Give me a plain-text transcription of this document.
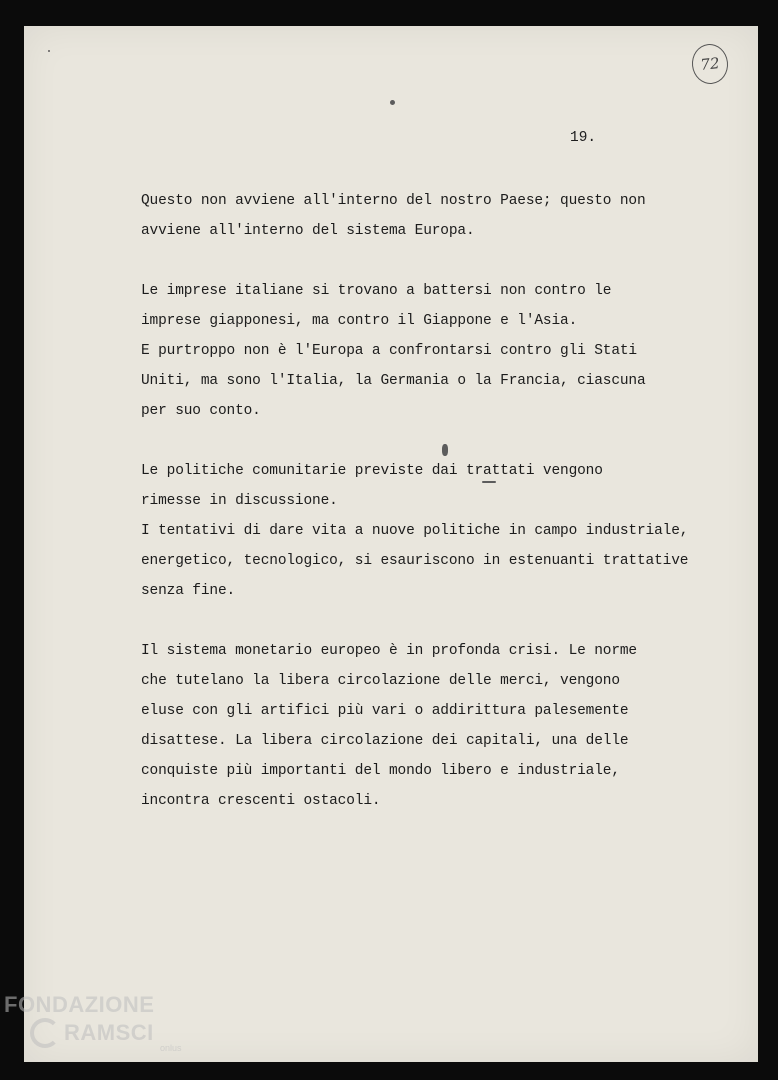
72
19.
Questo non avviene all'interno del nostro Paese; questo non
avviene all'interno del sistema Europa.
Le imprese italiane si trovano a battersi non contro le
imprese giapponesi, ma contro il Giappone e l'Asia.
E purtroppo non è l'Europa a confrontarsi contro gli Stati
Uniti, ma sono l'Italia, la Germania o la Francia, ciascuna
per suo conto.
Le politiche comunitarie previste dai trattati vengono
rimesse in discussione.
I tentativi di dare vita a nuove politiche in campo industriale,
energetico, tecnologico, si esauriscono in estenuanti trattative
senza fine.
Il sistema monetario europeo è in profonda crisi. Le norme
che tutelano la libera circolazione delle merci, vengono
eluse con gli artifici più vari o addirittura palesemente
disattese. La libera circolazione dei capitali, una delle
conquiste più importanti del mondo libero e industriale,
incontra crescenti ostacoli.
FONDAZIONE
RAMSCI
onlus
